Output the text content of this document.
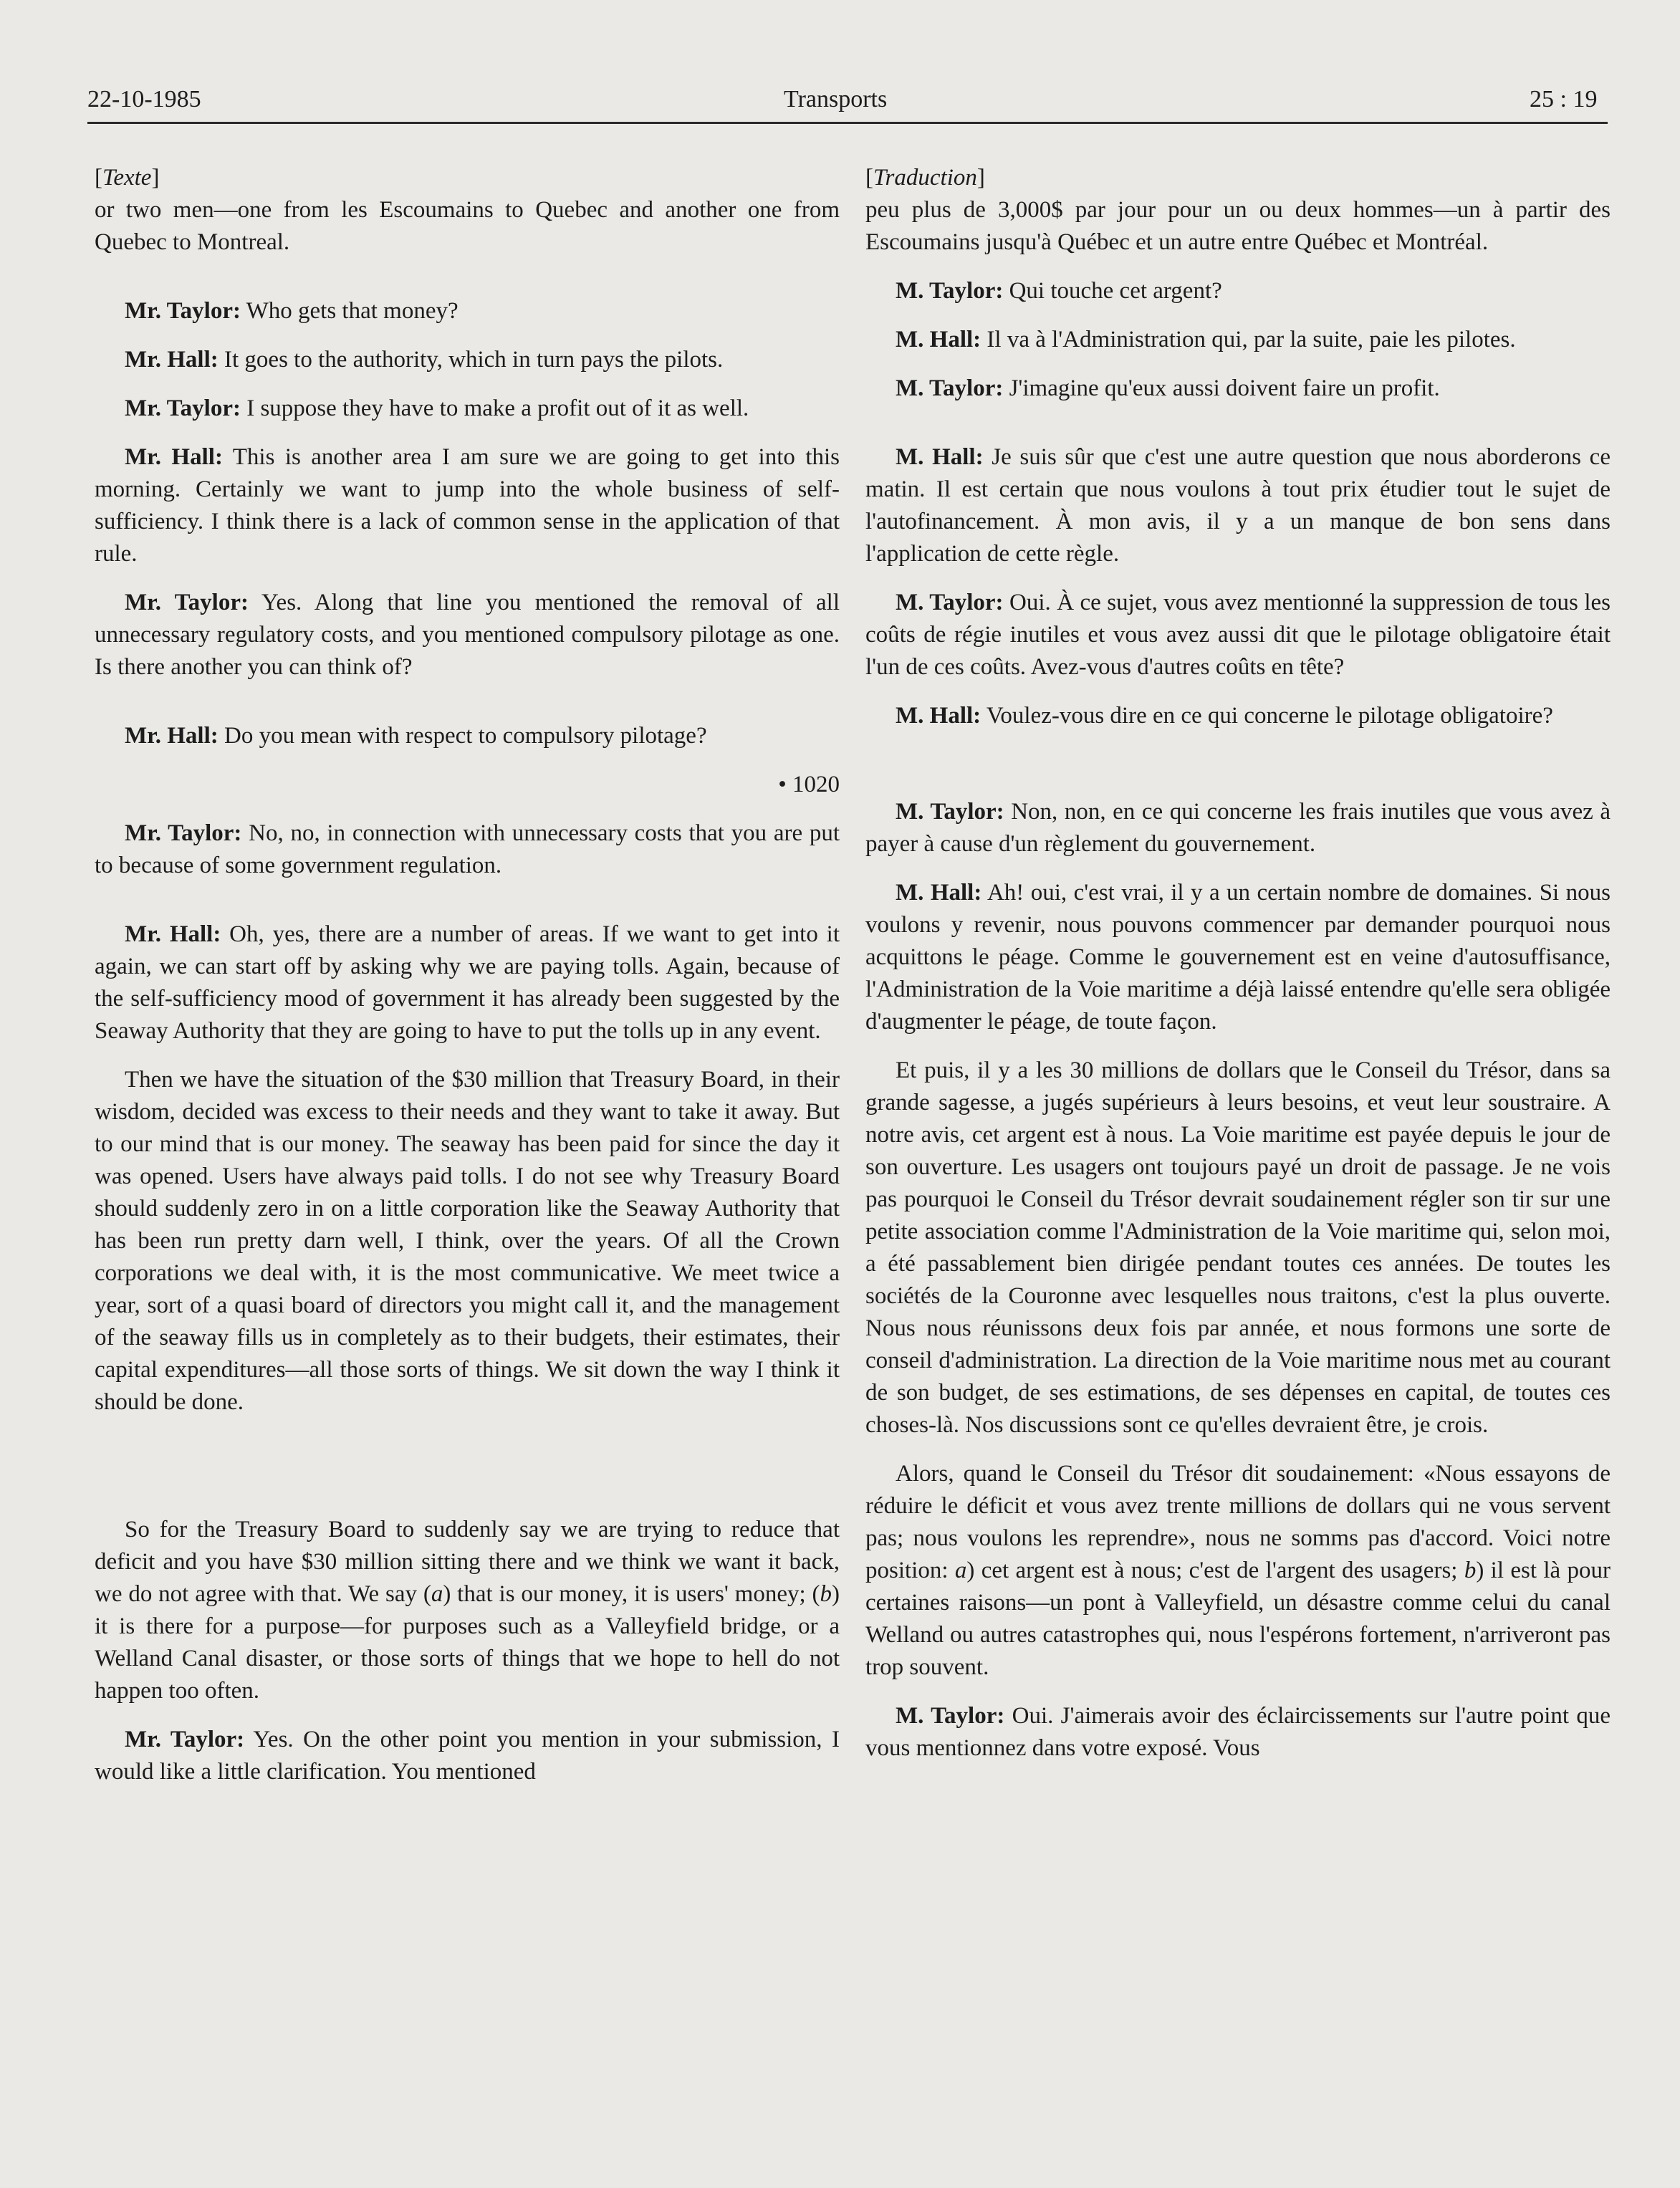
22-10-1985	Transports	25 : 19

[Texte]

or two men—one from les Escoumains to Quebec and another one from Quebec to Montreal.

Mr. Taylor: Who gets that money?

Mr. Hall: It goes to the authority, which in turn pays the pilots.

Mr. Taylor: I suppose they have to make a profit out of it as well.

Mr. Hall: This is another area I am sure we are going to get into this morning. Certainly we want to jump into the whole business of self-sufficiency. I think there is a lack of common sense in the application of that rule.

Mr. Taylor: Yes. Along that line you mentioned the removal of all unnecessary regulatory costs, and you mentioned compulsory pilotage as one. Is there another you can think of?

Mr. Hall: Do you mean with respect to compulsory pilotage?

• 1020

Mr. Taylor: No, no, in connection with unnecessary costs that you are put to because of some government regulation.

Mr. Hall: Oh, yes, there are a number of areas. If we want to get into it again, we can start off by asking why we are paying tolls. Again, because of the self-sufficiency mood of government it has already been suggested by the Seaway Authority that they are going to have to put the tolls up in any event.

Then we have the situation of the $30 million that Treasury Board, in their wisdom, decided was excess to their needs and they want to take it away. But to our mind that is our money. The seaway has been paid for since the day it was opened. Users have always paid tolls. I do not see why Treasury Board should suddenly zero in on a little corporation like the Seaway Authority that has been run pretty darn well, I think, over the years. Of all the Crown corporations we deal with, it is the most communicative. We meet twice a year, sort of a quasi board of directors you might call it, and the management of the seaway fills us in completely as to their budgets, their estimates, their capital expenditures—all those sorts of things. We sit down the way I think it should be done.

So for the Treasury Board to suddenly say we are trying to reduce that deficit and you have $30 million sitting there and we think we want it back, we do not agree with that. We say (a) that is our money, it is users' money; (b) it is there for a purpose—for purposes such as a Valleyfield bridge, or a Welland Canal disaster, or those sorts of things that we hope to hell do not happen too often.

Mr. Taylor: Yes. On the other point you mention in your submission, I would like a little clarification. You mentioned

[Traduction]

peu plus de 3,000$ par jour pour un ou deux hommes—un à partir des Escoumains jusqu'à Québec et un autre entre Québec et Montréal.

M. Taylor: Qui touche cet argent?

M. Hall: Il va à l'Administration qui, par la suite, paie les pilotes.

M. Taylor: J'imagine qu'eux aussi doivent faire un profit.

M. Hall: Je suis sûr que c'est une autre question que nous aborderons ce matin. Il est certain que nous voulons à tout prix étudier tout le sujet de l'autofinancement. À mon avis, il y a un manque de bon sens dans l'application de cette règle.

M. Taylor: Oui. À ce sujet, vous avez mentionné la suppression de tous les coûts de régie inutiles et vous avez aussi dit que le pilotage obligatoire était l'un de ces coûts. Avez-vous d'autres coûts en tête?

M. Hall: Voulez-vous dire en ce qui concerne le pilotage obligatoire?

M. Taylor: Non, non, en ce qui concerne les frais inutiles que vous avez à payer à cause d'un règlement du gouvernement.

M. Hall: Ah! oui, c'est vrai, il y a un certain nombre de domaines. Si nous voulons y revenir, nous pouvons commencer par demander pourquoi nous acquittons le péage. Comme le gouvernement est en veine d'autosuffisance, l'Administration de la Voie maritime a déjà laissé entendre qu'elle sera obligée d'augmenter le péage, de toute façon.

Et puis, il y a les 30 millions de dollars que le Conseil du Trésor, dans sa grande sagesse, a jugés supérieurs à leurs besoins, et veut leur soustraire. A notre avis, cet argent est à nous. La Voie maritime est payée depuis le jour de son ouverture. Les usagers ont toujours payé un droit de passage. Je ne vois pas pourquoi le Conseil du Trésor devrait soudainement régler son tir sur une petite association comme l'Administration de la Voie maritime qui, selon moi, a été passablement bien dirigée pendant toutes ces années. De toutes les sociétés de la Couronne avec lesquelles nous traitons, c'est la plus ouverte. Nous nous réunissons deux fois par année, et nous formons une sorte de conseil d'administration. La direction de la Voie maritime nous met au courant de son budget, de ses estimations, de ses dépenses en capital, de toutes ces choses-là. Nos discussions sont ce qu'elles devraient être, je crois.

Alors, quand le Conseil du Trésor dit soudainement: «Nous essayons de réduire le déficit et vous avez trente millions de dollars qui ne vous servent pas; nous voulons les reprendre», nous ne somms pas d'accord. Voici notre position: a) cet argent est à nous; c'est de l'argent des usagers; b) il est là pour certaines raisons—un pont à Valleyfield, un désastre comme celui du canal Welland ou autres catastrophes qui, nous l'espérons fortement, n'arriveront pas trop souvent.

M. Taylor: Oui. J'aimerais avoir des éclaircissements sur l'autre point que vous mentionnez dans votre exposé. Vous
